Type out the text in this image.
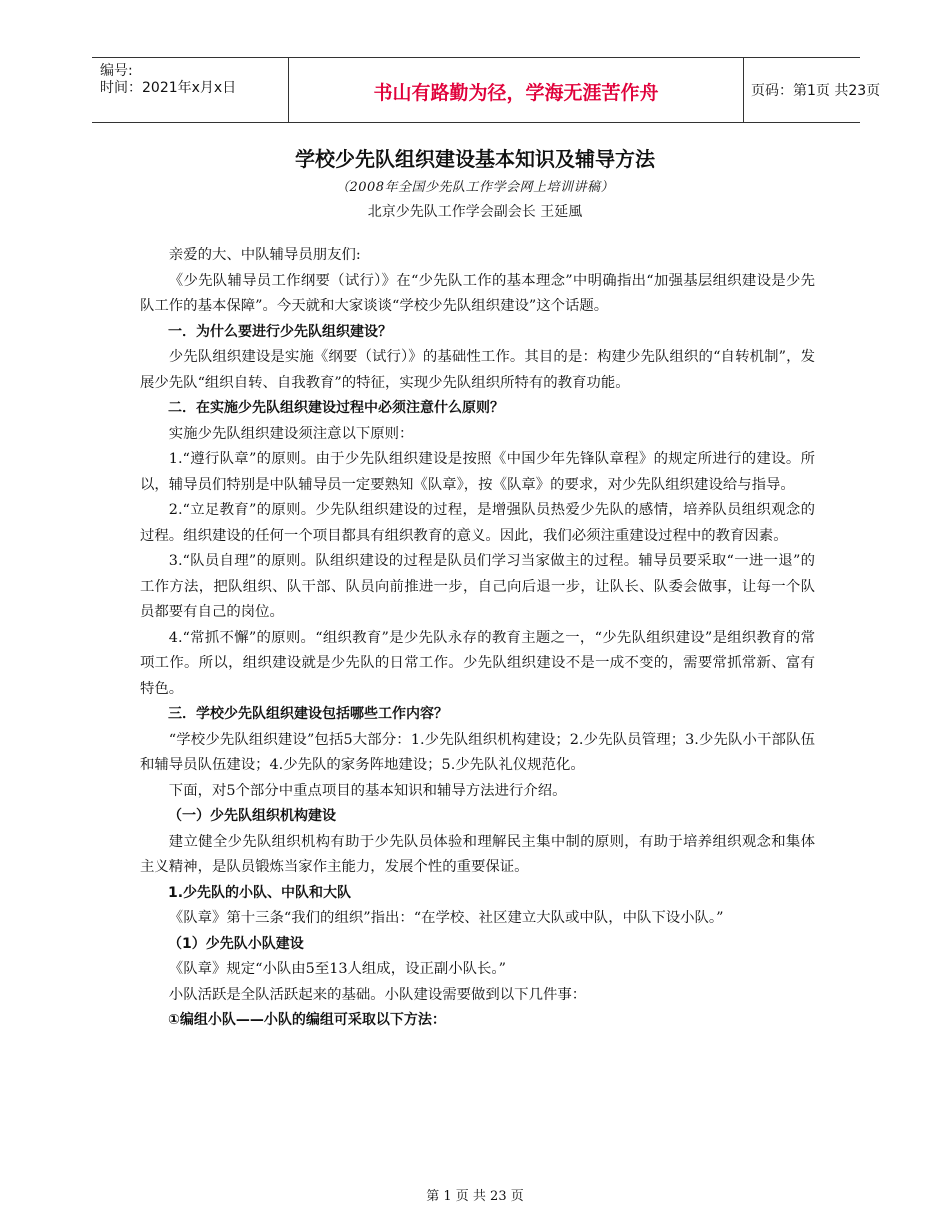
编号:
时间：2021年x月x日	书山有路勤为径，学海无涯苦作舟	页码：第1页 共23页
学校少先队组织建设基本知识及辅导方法
（2008年全国少先队工作学会网上培训讲稿）
北京少先队工作学会副会长 王延風

亲爱的大、中队辅导员朋友们:

《少先队辅导员工作纲要（试行）》在“少先队工作的基本理念”中明确指出“加强基层组织建设是少先队工作的基本保障”。今天就和大家谈谈“学校少先队组织建设”这个话题。

一．为什么要进行少先队组织建设？

少先队组织建设是实施《纲要（试行）》的基础性工作。其目的是：构建少先队组织的“自转机制”，发展少先队“组织自转、自我教育”的特征，实现少先队组织所特有的教育功能。

二．在实施少先队组织建设过程中必须注意什么原则？

实施少先队组织建设须注意以下原则：

1.“遵行队章”的原则。由于少先队组织建设是按照《中国少年先锋队章程》的规定所进行的建设。所以，辅导员们特别是中队辅导员一定要熟知《队章》，按《队章》的要求，对少先队组织建设给与指导。

2.“立足教育”的原则。少先队组织建设的过程，是增强队员热爱少先队的感情，培养队员组织观念的过程。组织建设的任何一个项目都具有组织教育的意义。因此，我们必须注重建设过程中的教育因素。

3.“队员自理”的原则。队组织建设的过程是队员们学习当家做主的过程。辅导员要采取“一进一退”的工作方法，把队组织、队干部、队员向前推进一步，自己向后退一步，让队长、队委会做事，让每一个队员都要有自己的岗位。

4.“常抓不懈”的原则。“组织教育”是少先队永存的教育主题之一，“少先队组织建设”是组织教育的常项工作。所以，组织建设就是少先队的日常工作。少先队组织建设不是一成不变的，需要常抓常新、富有特色。

三．学校少先队组织建设包括哪些工作内容？

“学校少先队组织建设”包括5大部分：1.少先队组织机构建设；2.少先队员管理；3.少先队小干部队伍和辅导员队伍建设；4.少先队的家务阵地建设；5.少先队礼仪规范化。

下面，对5个部分中重点项目的基本知识和辅导方法进行介绍。

（一）少先队组织机构建设

建立健全少先队组织机构有助于少先队员体验和理解民主集中制的原则，有助于培养组织观念和集体主义精神，是队员锻炼当家作主能力，发展个性的重要保证。

1.少先队的小队、中队和大队

《队章》第十三条“我们的组织”指出：“在学校、社区建立大队或中队，中队下设小队。”

（1）少先队小队建设

《队章》规定“小队由5至13人组成，设正副小队长。”

小队活跃是全队活跃起来的基础。小队建设需要做到以下几件事：

①编组小队——小队的编组可采取以下方法：

第 1 页 共 23 页
